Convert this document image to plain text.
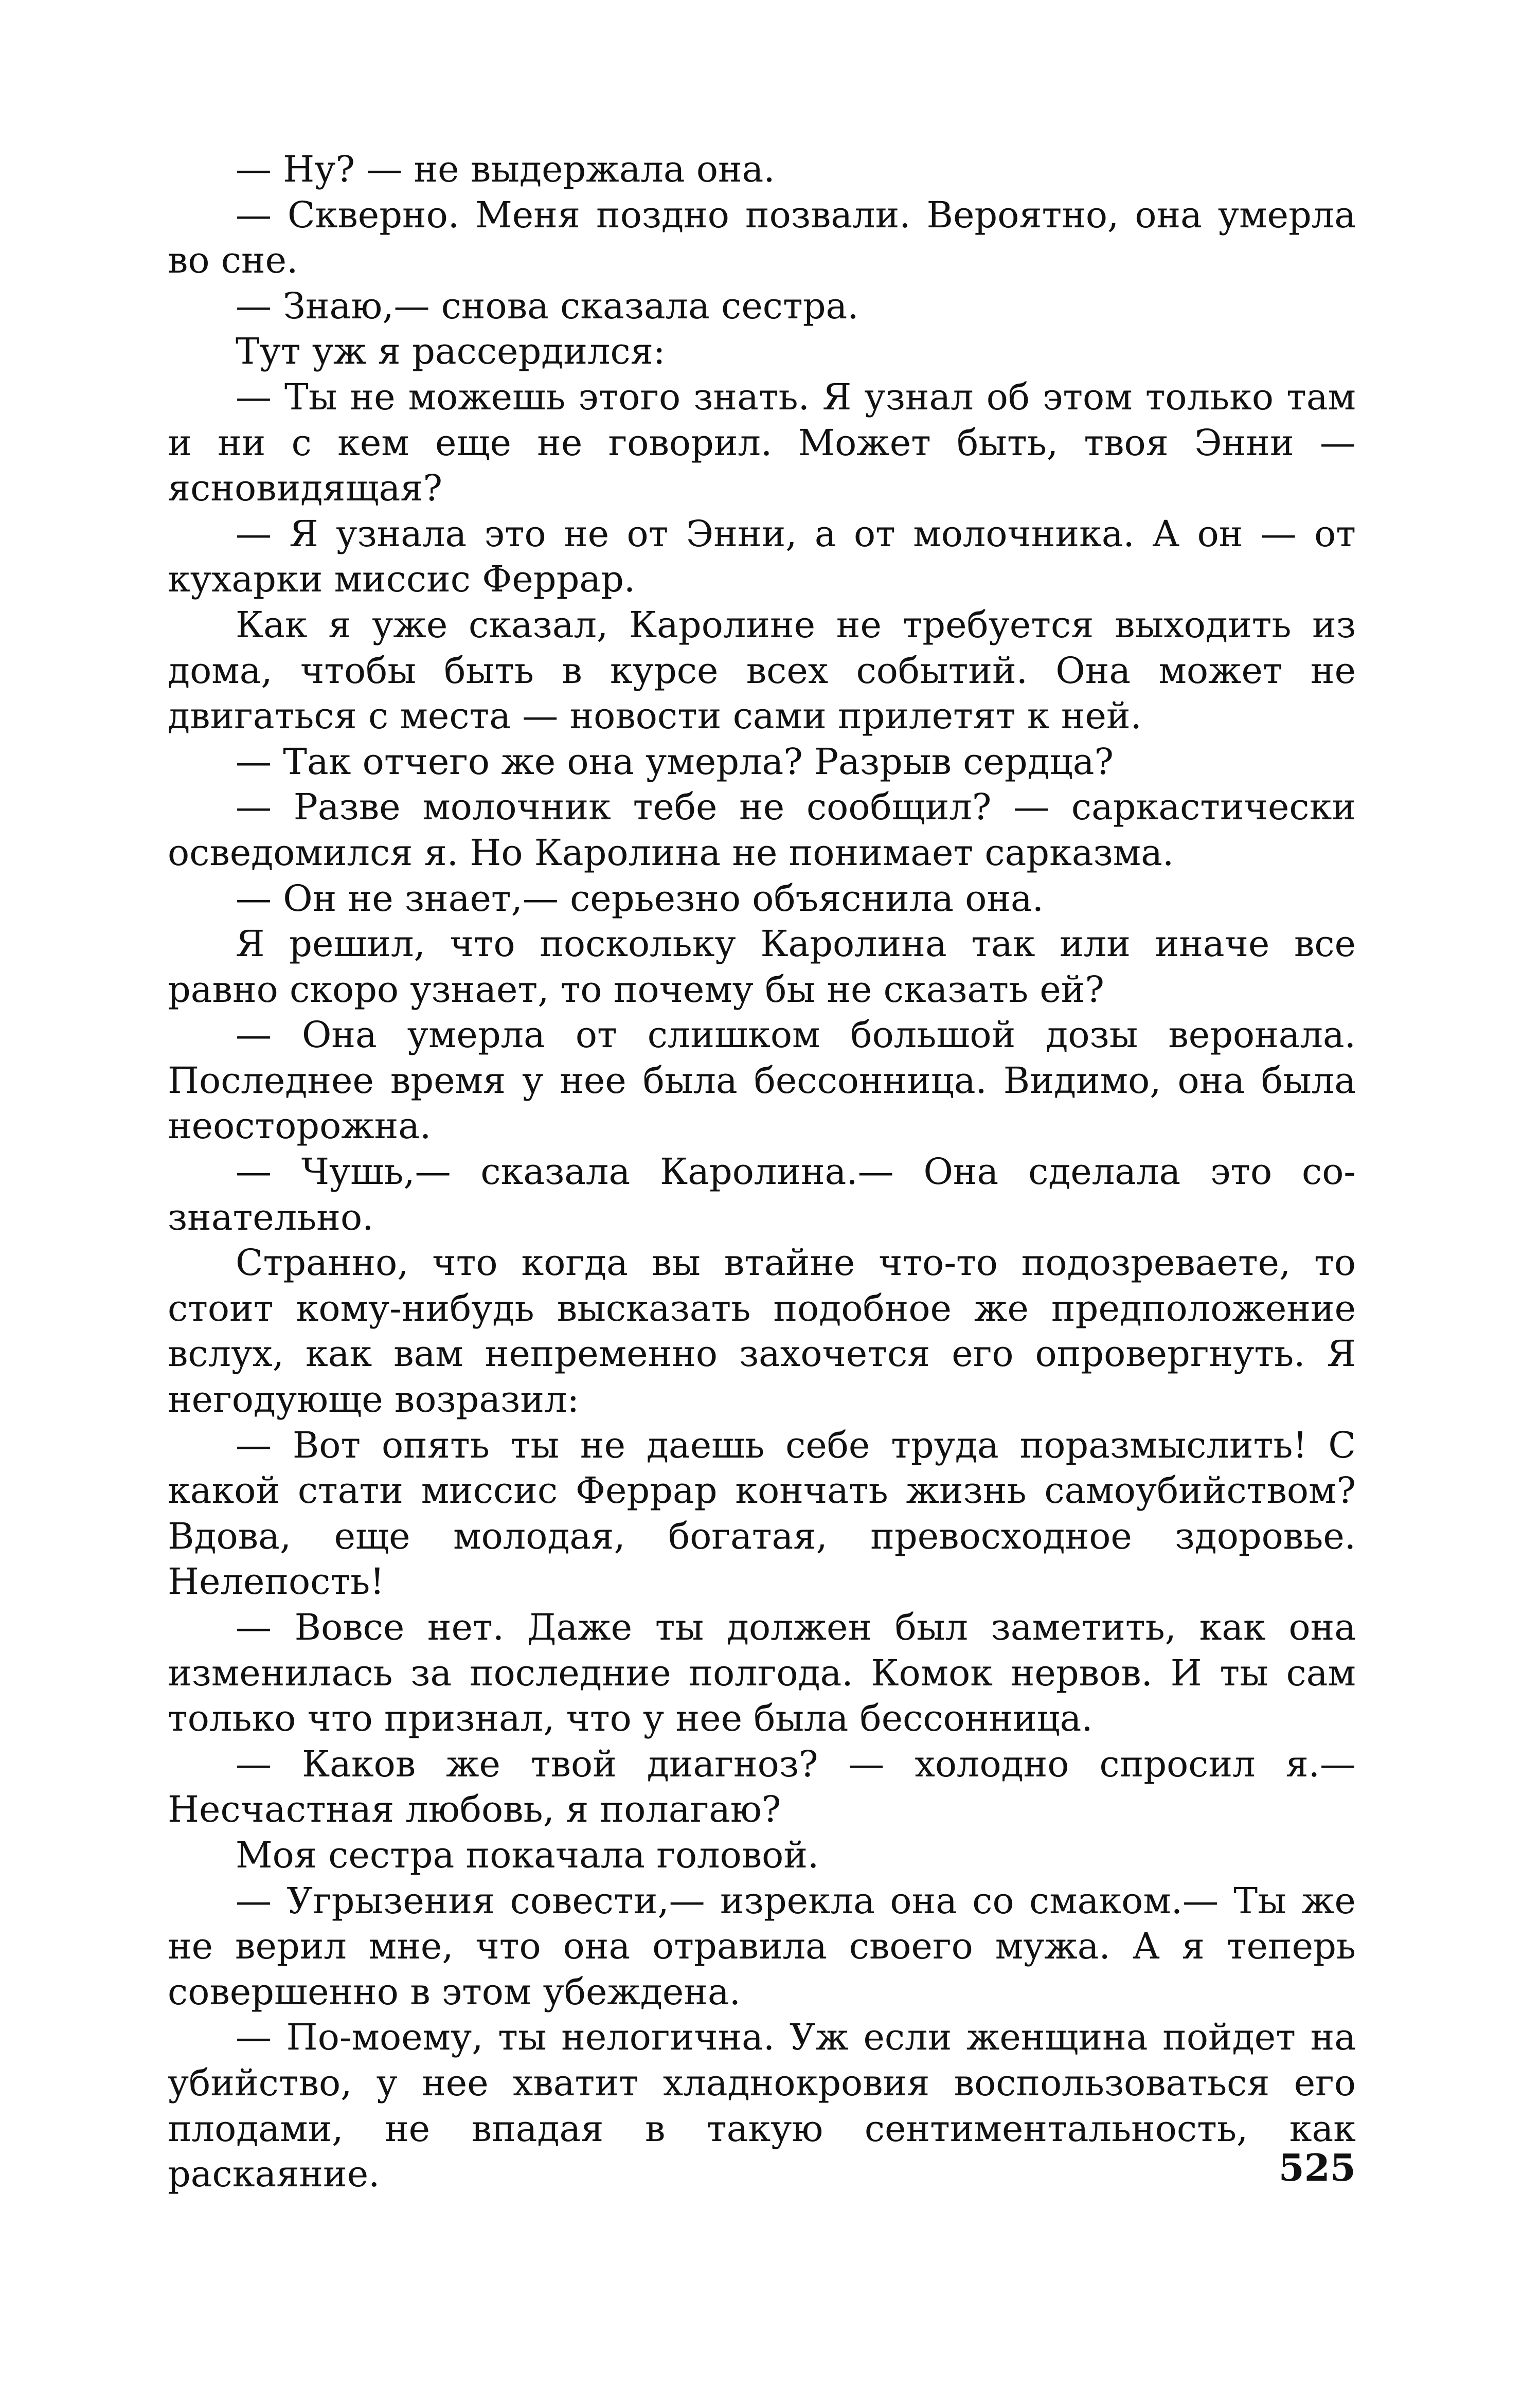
— Ну? — не выдержала она.

— Скверно. Меня поздно позвали. Вероятно, она умерла во сне.

— Знаю,— снова сказала сестра.

Тут уж я рассердился:

— Ты не можешь этого знать. Я узнал об этом только там и ни с кем еще не говорил. Может быть, твоя Энни — ясновидящая?

— Я узнала это не от Энни, а от молочника. А он — от кухарки миссис Феррар.

Как я уже сказал, Каролине не требуется выходить из дома, чтобы быть в курсе всех событий. Она может не двигаться с места — новости сами прилетят к ней.

— Так отчего же она умерла? Разрыв сердца?

— Разве молочник тебе не сообщил? — саркастически осведомился я. Но Каролина не понимает сарказма.

— Он не знает,— серьезно объяснила она.

Я решил, что поскольку Каролина так или иначе все равно скоро узнает, то почему бы не сказать ей?

— Она умерла от слишком большой дозы веронала. Последнее время у нее была бессонница. Видимо, она была неосторожна.

— Чушь,— сказала Каролина.— Она сделала это сознательно.

Странно, что когда вы втайне что-то подозреваете, то стоит кому-нибудь высказать подобное же предположение вслух, как вам непременно захочется его опровергнуть. Я негодующе возразил:

— Вот опять ты не даешь себе труда поразмыслить! С какой стати миссис Феррар кончать жизнь самоубийством? Вдова, еще молодая, богатая, превосходное здоровье. Нелепость!

— Вовсе нет. Даже ты должен был заметить, как она изменилась за последние полгода. Комок нервов. И ты сам только что признал, что у нее была бессонница.

— Каков же твой диагноз? — холодно спросил я.— Несчастная любовь, я полагаю?

Моя сестра покачала головой.

— Угрызения совести,— изрекла она со смаком.— Ты же не верил мне, что она отравила своего мужа. А я теперь совершенно в этом убеждена.

— По-моему, ты нелогична. Уж если женщина пойдет на убийство, у нее хватит хладнокровия воспользоваться его плодами, не впадая в такую сентиментальность, как раскаяние.	525
